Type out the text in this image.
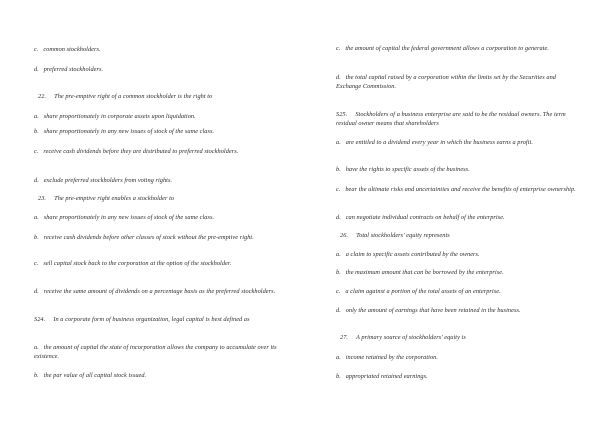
c.   common stockholders.
d.   preferred stockholders.
22.     The pre-emptive right of a common stockholder is the right to
a.   share proportionately in corporate assets upon liquidation.
b.   share proportionately in any new issues of stock of the same class.
c.   receive cash dividends before they are distributed to preferred stockholders.
d.   exclude preferred stockholders from voting rights.
23.     The pre-emptive right enables a stockholder to
a.   share proportionately in any new issues of stock of the same class.
b.   receive cash dividends before other classes of stock without the pre-emptive right.
c.   sell capital stock back to the corporation at the option of the stockholder.
d.   receive the same amount of dividends on a percentage basis as the preferred stockholders.
S24.     In a corporate form of business organization, legal capital is best defined as
a.   the amount of capital the state of incorporation allows the company to accumulate over its existence.
b.   the par value of all capital stock issued.
c.   the amount of capital the federal government allows a corporation to generate.
d.   the total capital raised by a corporation within the limits set by the Securities and Exchange Commission.
S25.     Stockholders of a business enterprise are said to be the residual owners. The term residual owner means that shareholders
a.   are entitled to a dividend every year in which the business earns a profit.
b.   have the rights to specific assets of the business.
c.   bear the ultimate risks and uncertainties and receive the benefits of enterprise ownership.
d.   can negotiate individual contracts on behalf of the enterprise.
26.     Total stockholders' equity represents
a.   a claim to specific assets contributed by the owners.
b.   the maximum amount that can be borrowed by the enterprise.
c.   a claim against a portion of the total assets of an enterprise.
d.   only the amount of earnings that have been retained in the business.
27.     A primary source of stockholders' equity is
a.   income retained by the corporation.
b.   appropriated retained earnings.
